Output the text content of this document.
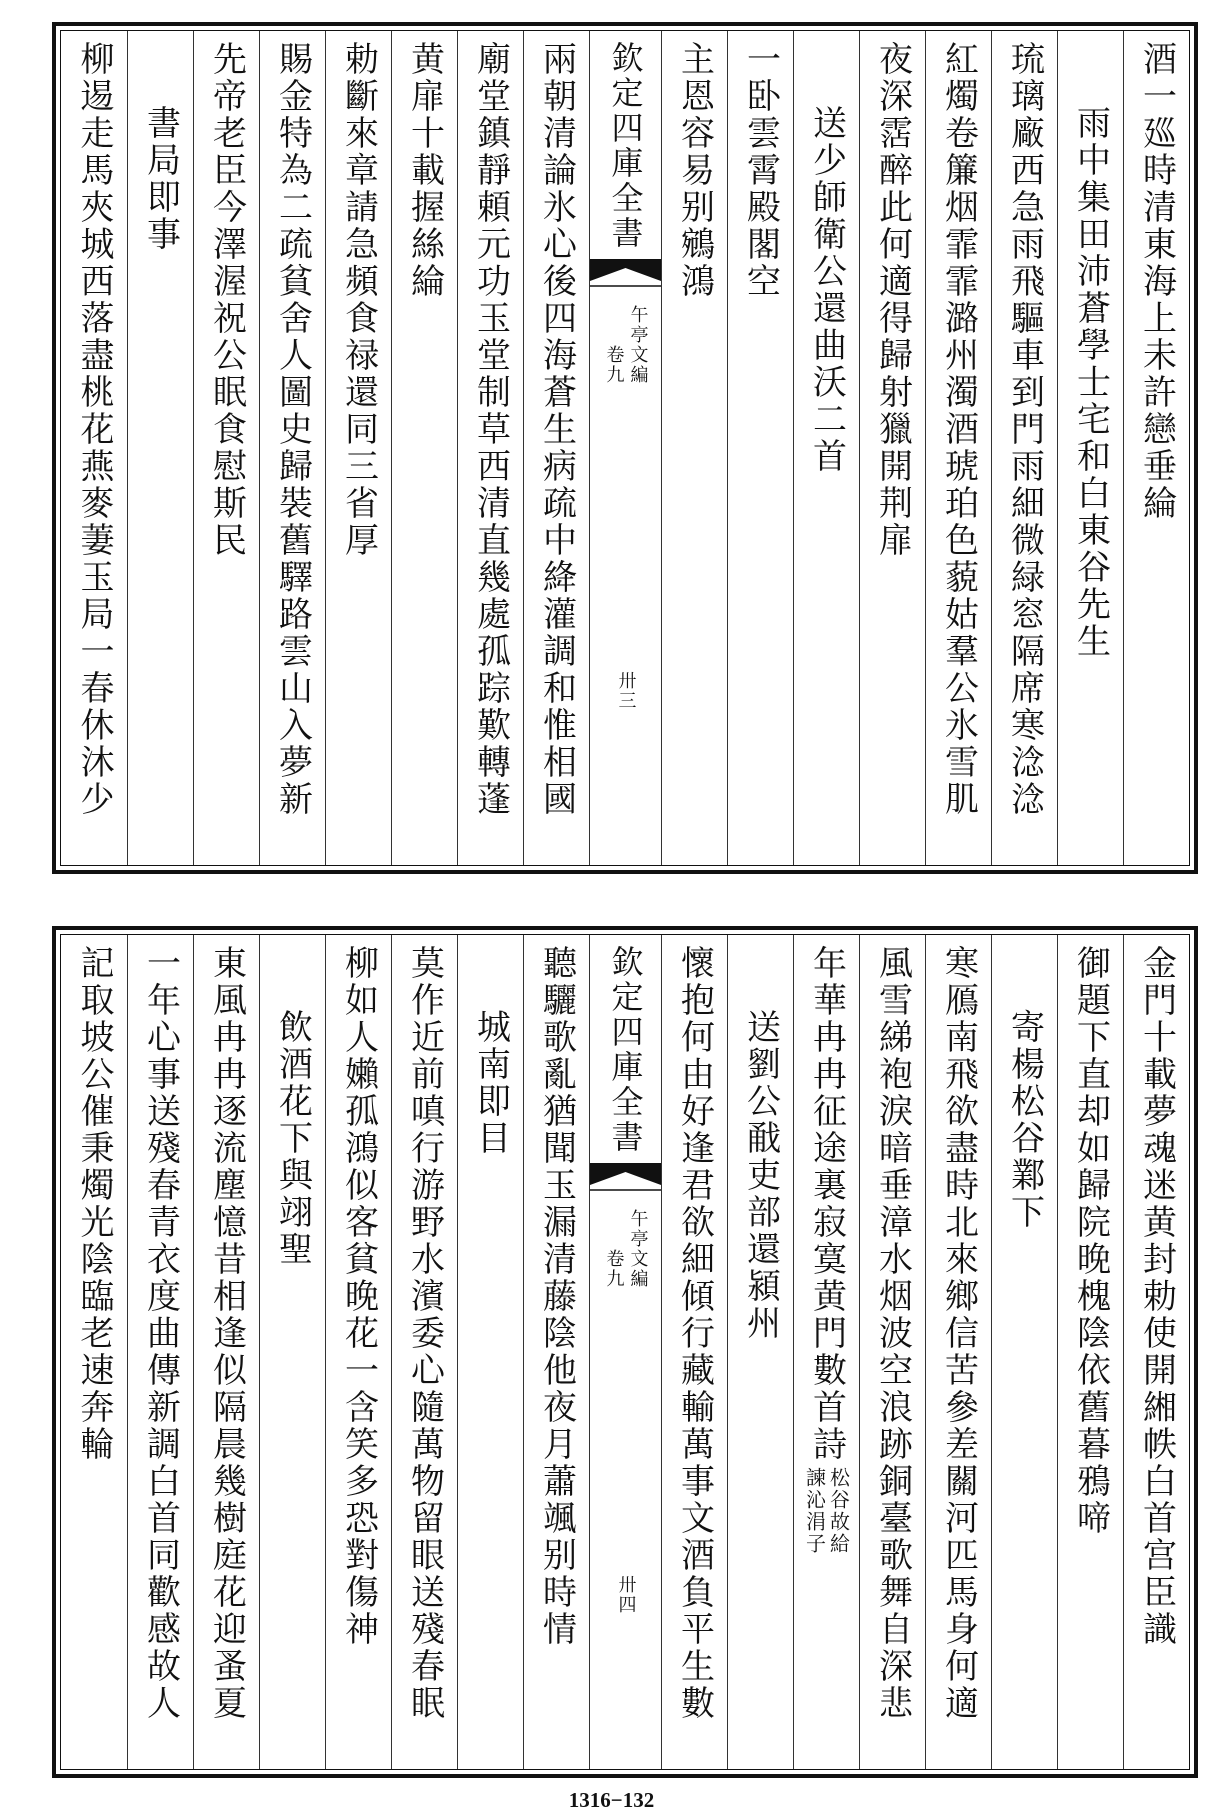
酒一廵時清東海上未許戀垂綸
雨中集田沛蒼學士宅和白東谷先生
琉璃廠西急雨飛驅車到門雨細微緑窓隔席寒淰淰
紅燭卷簾烟霏霏潞州濁酒琥珀色藐姑羣公氷雪肌
夜深霑醉此何適得歸射獵開荆扉
送少師衛公還曲沃二首
一卧雲霄殿閣空
主恩容易别鵷鴻
欽定四庫全書
午亭文編
卷九
卅三
兩朝清論氷心後四海蒼生病疏中絳灌調和惟相國
廟堂鎮靜頼元功玉堂制草西清直幾處孤踪歎轉蓬
黄扉十載握絲綸
勅斷來章請急頻食禄還同三省厚
賜金特為二疏貧舍人圖史歸裝舊驛路雲山入夢新
先帝老臣今澤渥祝公眠食慰斯民
書局即事
柳逷走馬夾城西落盡桃花燕麥萋玉局一春休沐少
金門十載夢魂迷黄封勅使開緗帙白首宫臣識
御題下直却如歸院晚槐陰依舊暮鴉啼
寄楊松谷鄴下
寒鴈南飛欲盡時北來鄉信苦參差關河匹馬身何適
風雪綈袍淚暗垂漳水烟波空浪跡銅臺歌舞自深悲
年華冉冉征途裏寂寞黄門數首詩
松谷故給
諫沁涓子
送劉公㦷吏部還潁州
懷抱何由好逢君欲細傾行藏輸萬事文酒負平生數
欽定四庫全書
午亭文編
卷九
卅四
聽驪歌亂猶聞玉漏清藤陰他夜月蕭颯别時情
城南即目
莫作近前嗔行游野水濱委心隨萬物留眼送殘春眠
柳如人嬾孤鴻似客貧晚花一含笑多恐對傷神
飲酒花下與翊聖
東風冉冉逐流塵憶昔相逢似隔晨幾樹庭花迎蚤夏
一年心事送殘春青衣度曲傳新調白首同歡感故人
記取坡公催秉燭光陰臨老速奔輪
1316−132
